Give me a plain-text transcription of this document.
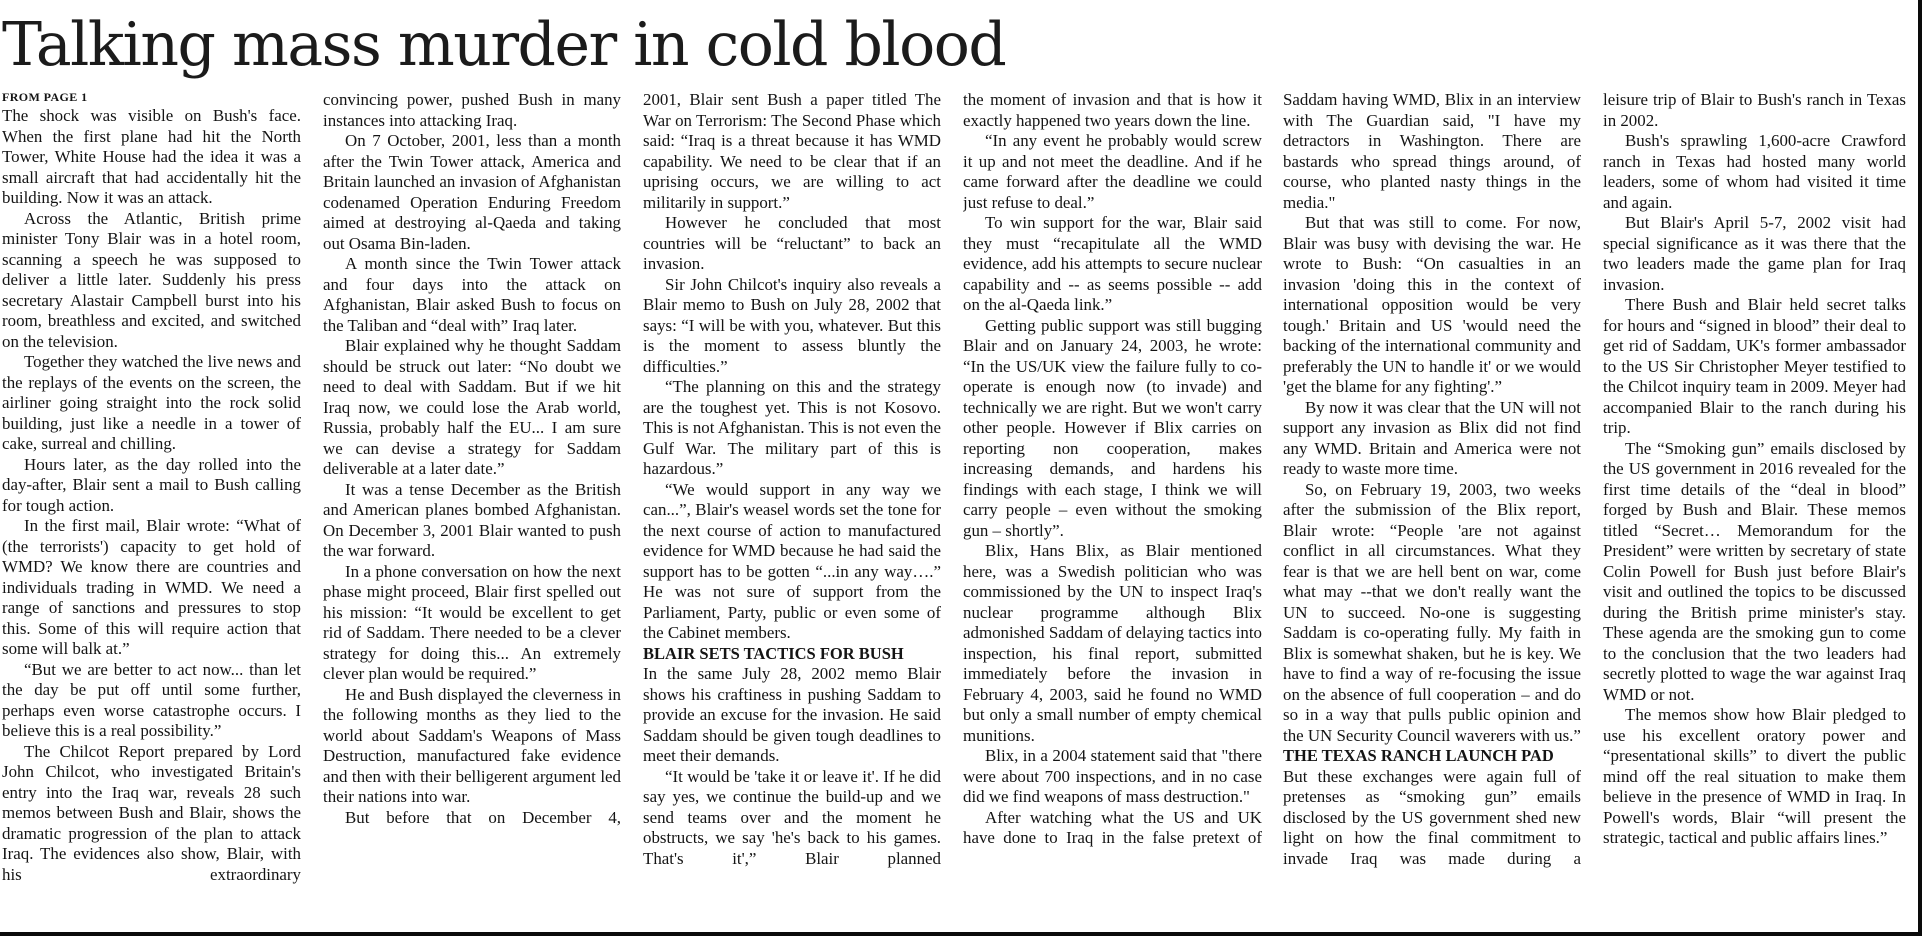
Talking mass murder in cold blood
FROM PAGE 1

The shock was visible on Bush's face. When the first plane had hit the North Tower, White House had the idea it was a small aircraft that had accidentally hit the building. Now it was an attack.

Across the Atlantic, British prime minister Tony Blair was in a hotel room, scanning a speech he was supposed to deliver a little later. Suddenly his press secretary Alastair Campbell burst into his room, breathless and excited, and switched on the television.

Together they watched the live news and the replays of the events on the screen, the airliner going straight into the rock solid building, just like a needle in a tower of cake, surreal and chilling.

Hours later, as the day rolled into the day-after, Blair sent a mail to Bush calling for tough action.

In the first mail, Blair wrote: “What of (the terrorists') capacity to get hold of WMD? We know there are countries and individuals trading in WMD. We need a range of sanctions and pressures to stop this. Some of this will require action that some will balk at.”

“But we are better to act now... than let the day be put off until some further, perhaps even worse catastrophe occurs. I believe this is a real possibility.”

The Chilcot Report prepared by Lord John Chilcot, who investigated Britain's entry into the Iraq war, reveals 28 such memos between Bush and Blair, shows the dramatic progression of the plan to attack Iraq. The evidences also show, Blair, with his extraordinary

convincing power, pushed Bush in many instances into attacking Iraq.

On 7 October, 2001, less than a month after the Twin Tower attack, America and Britain launched an invasion of Afghanistan codenamed Operation Enduring Freedom aimed at destroying al-Qaeda and taking out Osama Bin-laden.

A month since the Twin Tower attack and four days into the attack on Afghanistan, Blair asked Bush to focus on the Taliban and “deal with” Iraq later.

Blair explained why he thought Saddam should be struck out later: “No doubt we need to deal with Saddam. But if we hit Iraq now, we could lose the Arab world, Russia, probably half the EU... I am sure we can devise a strategy for Saddam deliverable at a later date.”

It was a tense December as the British and American planes bombed Afghanistan. On December 3, 2001 Blair wanted to push the war forward.

In a phone conversation on how the next phase might proceed, Blair first spelled out his mission: “It would be excellent to get rid of Saddam. There needed to be a clever strategy for doing this... An extremely clever plan would be required.”

He and Bush displayed the cleverness in the following months as they lied to the world about Saddam's Weapons of Mass Destruction, manufactured fake evidence and then with their belligerent argument led their nations into war.

But before that on December 4,

2001, Blair sent Bush a paper titled The War on Terrorism: The Second Phase which said: “Iraq is a threat because it has WMD capability. We need to be clear that if an uprising occurs, we are willing to act militarily in support.”

However he concluded that most countries will be “reluctant” to back an invasion.

Sir John Chilcot's inquiry also reveals a Blair memo to Bush on July 28, 2002 that says: “I will be with you, whatever. But this is the moment to assess bluntly the difficulties.”

“The planning on this and the strategy are the toughest yet. This is not Kosovo. This is not Afghanistan. This is not even the Gulf War. The military part of this is hazardous.”

“We would support in any way we can...”, Blair's weasel words set the tone for the next course of action to manufactured evidence for WMD because he had said the support has to be gotten “...in any way….” He was not sure of support from the Parliament, Party, public or even some of the Cabinet members.

BLAIR SETS TACTICS FOR BUSH

In the same July 28, 2002 memo Blair shows his craftiness in pushing Saddam to provide an excuse for the invasion. He said Saddam should be given tough deadlines to meet their demands.

“It would be 'take it or leave it'. If he did say yes, we continue the build-up and we send teams over and the moment he obstructs, we say 'he's back to his games. That's it',” Blair planned

the moment of invasion and that is how it exactly happened two years down the line.

“In any event he probably would screw it up and not meet the deadline. And if he came forward after the deadline we could just refuse to deal.”

To win support for the war, Blair said they must “recapitulate all the WMD evidence, add his attempts to secure nuclear capability and -- as seems possible -- add on the al-Qaeda link.”

Getting public support was still bugging Blair and on January 24, 2003, he wrote: “In the US/UK view the failure fully to co-operate is enough now (to invade) and technically we are right. But we won't carry other people. However if Blix carries on reporting non cooperation, makes increasing demands, and hardens his findings with each stage, I think we will carry people – even without the smoking gun – shortly”.

Blix, Hans Blix, as Blair mentioned here, was a Swedish politician who was commissioned by the UN to inspect Iraq's nuclear programme although Blix admonished Saddam of delaying tactics into inspection, his final report, submitted immediately before the invasion in February 4, 2003, said he found no WMD but only a small number of empty chemical munitions.

Blix, in a 2004 statement said that "there were about 700 inspections, and in no case did we find weapons of mass destruction."

After watching what the US and UK have done to Iraq in the false pretext of

Saddam having WMD, Blix in an interview with The Guardian said, "I have my detractors in Washington. There are bastards who spread things around, of course, who planted nasty things in the media."

But that was still to come. For now, Blair was busy with devising the war. He wrote to Bush: “On casualties in an invasion 'doing this in the context of international opposition would be very tough.' Britain and US 'would need the backing of the international community and preferably the UN to handle it' or we would 'get the blame for any fighting'.”

By now it was clear that the UN will not support any invasion as Blix did not find any WMD. Britain and America were not ready to waste more time.

So, on February 19, 2003, two weeks after the submission of the Blix report, Blair wrote: “People 'are not against conflict in all circumstances. What they fear is that we are hell bent on war, come what may --that we don't really want the UN to succeed. No-one is suggesting Saddam is co-operating fully. My faith in Blix is somewhat shaken, but he is key. We have to find a way of re-focusing the issue on the absence of full cooperation – and do so in a way that pulls public opinion and the UN Security Council waverers with us.”

THE TEXAS RANCH LAUNCH PAD

But these exchanges were again full of pretenses as “smoking gun” emails disclosed by the US government shed new light on how the final commitment to invade Iraq was made during a

leisure trip of Blair to Bush's ranch in Texas in 2002.

Bush's sprawling 1,600-acre Crawford ranch in Texas had hosted many world leaders, some of whom had visited it time and again.

But Blair's April 5-7, 2002 visit had special significance as it was there that the two leaders made the game plan for Iraq invasion.

There Bush and Blair held secret talks for hours and “signed in blood” their deal to get rid of Saddam, UK's former ambassador to the US Sir Christopher Meyer testified to the Chilcot inquiry team in 2009. Meyer had accompanied Blair to the ranch during his trip.

The “Smoking gun” emails disclosed by the US government in 2016 revealed for the first time details of the “deal in blood” forged by Bush and Blair. These memos titled “Secret… Memorandum for the President” were written by secretary of state Colin Powell for Bush just before Blair's visit and outlined the topics to be discussed during the British prime minister's stay. These agenda are the smoking gun to come to the conclusion that the two leaders had secretly plotted to wage the war against Iraq WMD or not.

The memos show how Blair pledged to use his excellent oratory power and “presentational skills” to divert the public mind off the real situation to make them believe in the presence of WMD in Iraq. In Powell's words, Blair “will present the strategic, tactical and public affairs lines.”
